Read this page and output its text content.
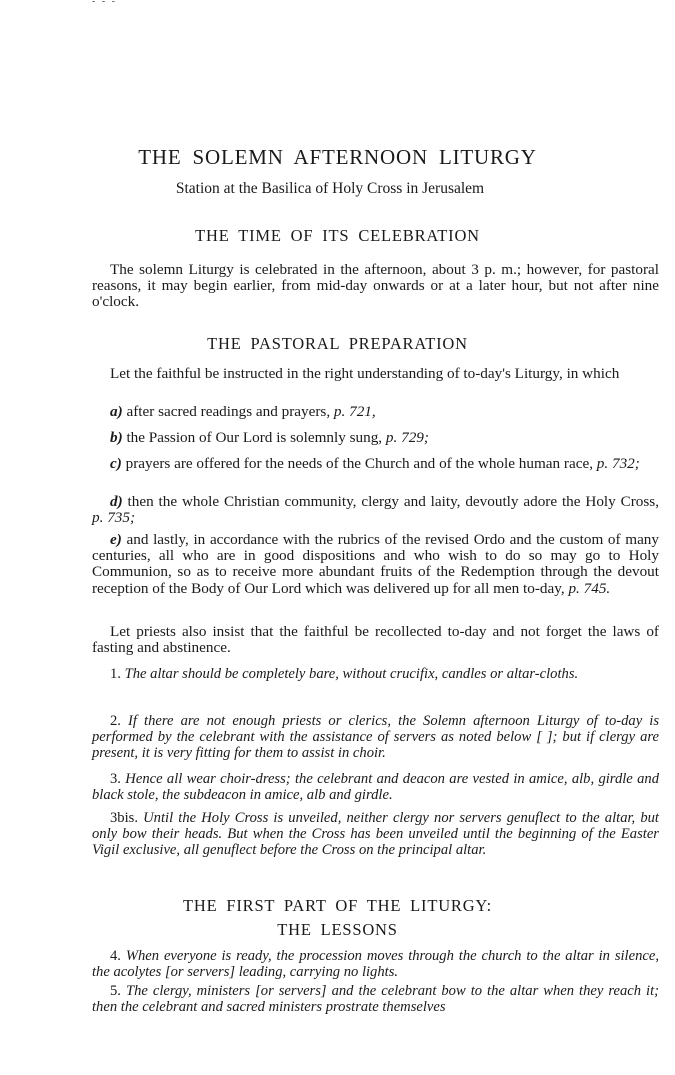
- - -
THE SOLEMN AFTERNOON LITURGY
Station at the Basilica of Holy Cross in Jerusalem
THE TIME OF ITS CELEBRATION
The solemn Liturgy is celebrated in the afternoon, about 3 p. m.; however, for pastoral reasons, it may begin earlier, from mid-day onwards or at a later hour, but not after nine o'clock.
THE PASTORAL PREPARATION
Let the faithful be instructed in the right understanding of to-day's Liturgy, in which
a) after sacred readings and prayers, p. 721,
b) the Passion of Our Lord is solemnly sung, p. 729;
c) prayers are offered for the needs of the Church and of the whole human race, p. 732;
d) then the whole Christian community, clergy and laity, devoutly adore the Holy Cross, p. 735;
e) and lastly, in accordance with the rubrics of the revised Ordo and the custom of many centuries, all who are in good dispositions and who wish to do so may go to Holy Communion, so as to receive more abundant fruits of the Redemption through the devout reception of the Body of Our Lord which was delivered up for all men to-day, p. 745.
Let priests also insist that the faithful be recollected to-day and not forget the laws of fasting and abstinence.
1. The altar should be completely bare, without crucifix, candles or altar-cloths.
2. If there are not enough priests or clerics, the Solemn afternoon Liturgy of to-day is performed by the celebrant with the assistance of servers as noted below [ ]; but if clergy are present, it is very fitting for them to assist in choir.
3. Hence all wear choir-dress; the celebrant and deacon are vested in amice, alb, girdle and black stole, the subdeacon in amice, alb and girdle.
3bis. Until the Holy Cross is unveiled, neither clergy nor servers genuflect to the altar, but only bow their heads. But when the Cross has been unveiled until the beginning of the Easter Vigil exclusive, all genuflect before the Cross on the principal altar.
THE FIRST PART OF THE LITURGY:
THE LESSONS
4. When everyone is ready, the procession moves through the church to the altar in silence, the acolytes [or servers] leading, carrying no lights.
5. The clergy, ministers [or servers] and the celebrant bow to the altar when they reach it; then the celebrant and sacred ministers prostrate themselves
